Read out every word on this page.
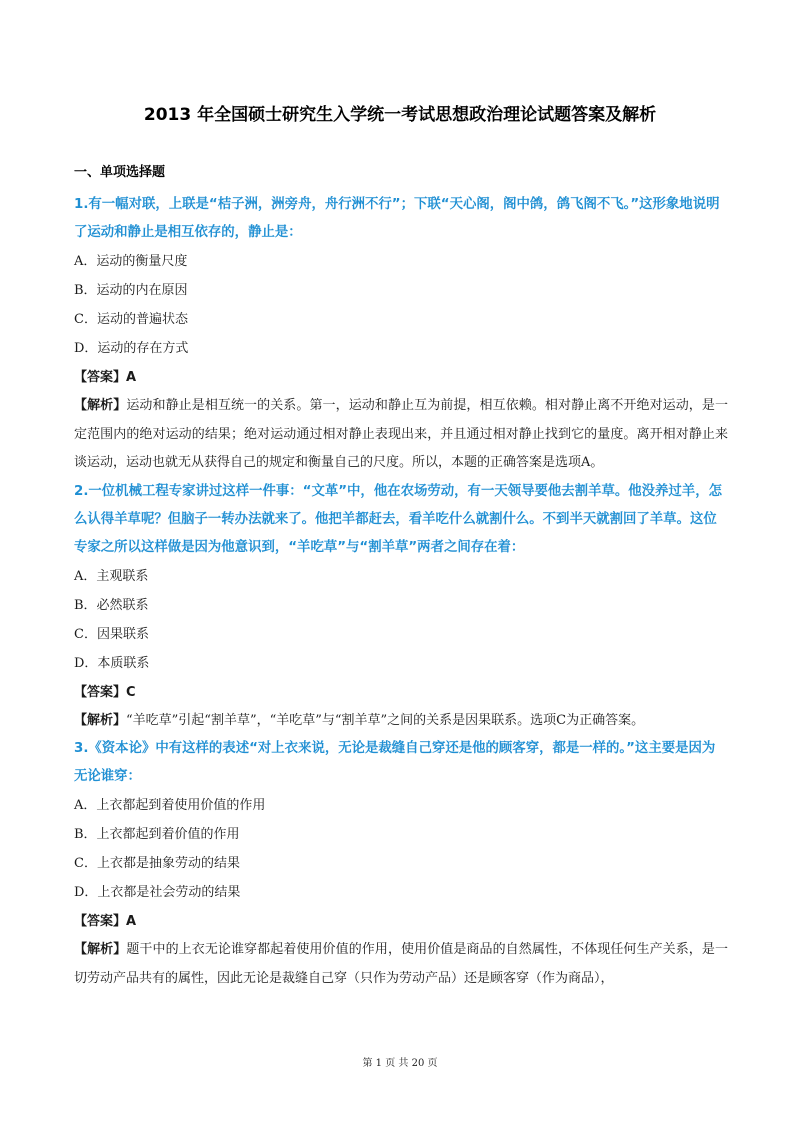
2013 年全国硕士研究生入学统一考试思想政治理论试题答案及解析

一、单项选择题

1.有一幅对联，上联是“桔子洲，洲旁舟，舟行洲不行”；下联“天心阁，阁中鸽，鸽飞阁不飞。”这形象地说明了运动和静止是相互依存的，静止是：

A．运动的衡量尺度

B．运动的内在原因

C．运动的普遍状态

D．运动的存在方式

【答案】A

【解析】运动和静止是相互统一的关系。第一，运动和静止互为前提，相互依赖。相对静止离不开绝对运动，是一定范围内的绝对运动的结果；绝对运动通过相对静止表现出来，并且通过相对静止找到它的量度。离开相对静止来谈运动，运动也就无从获得自己的规定和衡量自己的尺度。所以，本题的正确答案是选项A。

2.一位机械工程专家讲过这样一件事：“文革”中，他在农场劳动，有一天领导要他去割羊草。他没养过羊，怎么认得羊草呢？但脑子一转办法就来了。他把羊都赶去，看羊吃什么就割什么。不到半天就割回了羊草。这位专家之所以这样做是因为他意识到，“羊吃草”与“割羊草”两者之间存在着：

A．主观联系

B．必然联系

C．因果联系

D．本质联系

【答案】C

【解析】“羊吃草”引起“割羊草”，“羊吃草”与“割羊草”之间的关系是因果联系。选项C为正确答案。

3.《资本论》中有这样的表述“对上衣来说，无论是裁缝自己穿还是他的顾客穿，都是一样的。”这主要是因为无论谁穿：

A．上衣都起到着使用价值的作用

B．上衣都起到着价值的作用

C．上衣都是抽象劳动的结果

D．上衣都是社会劳动的结果

【答案】A

【解析】题干中的上衣无论谁穿都起着使用价值的作用，使用价值是商品的自然属性，不体现任何生产关系，是一切劳动产品共有的属性，因此无论是裁缝自己穿（只作为劳动产品）还是顾客穿（作为商品），

第 1 页 共 20 页
